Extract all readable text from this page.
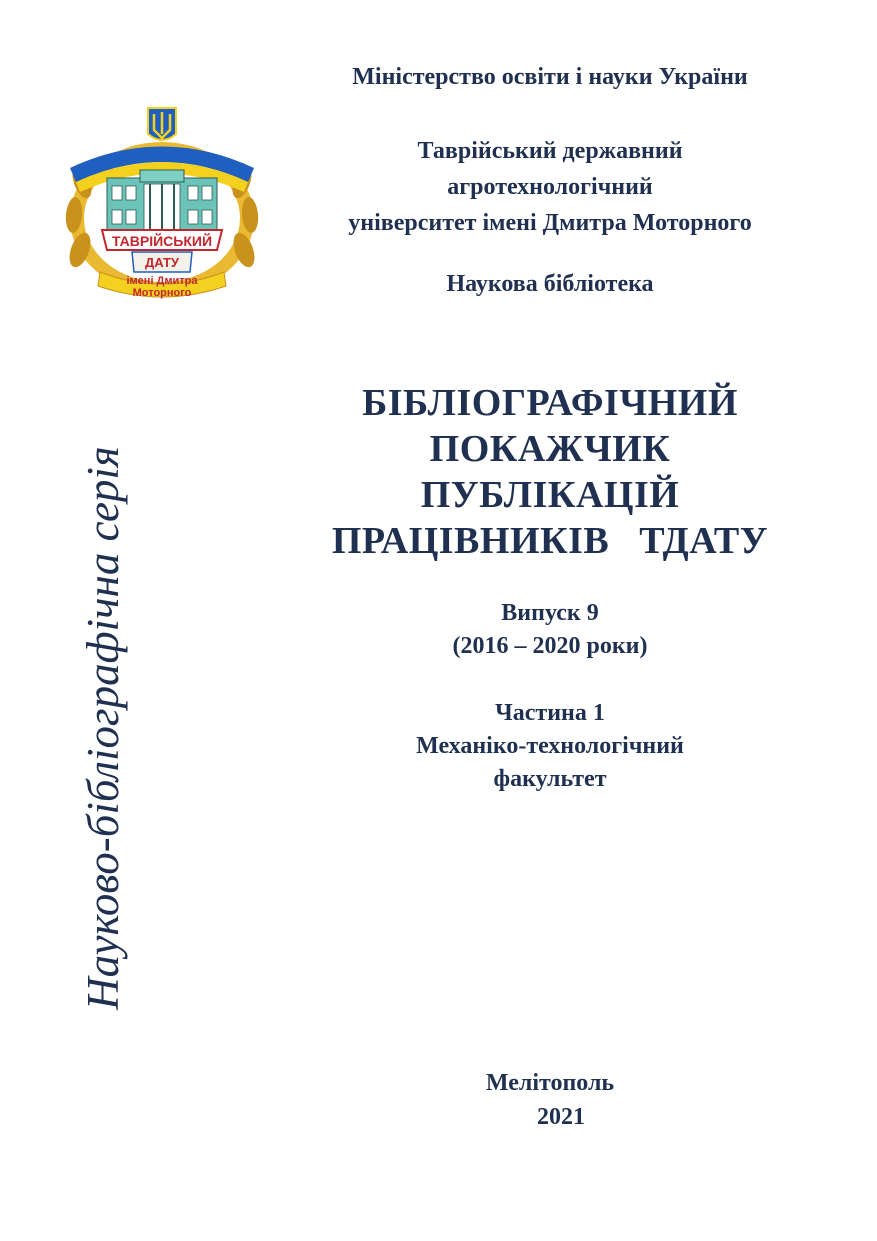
ТАВРІЙСЬКИЙ
ДАТУ
імені Дмитра
Моторного
Науково-бібліографічна серія
Міністерство освіти і науки України
Таврійський державний
агротехнологічний
університет імені Дмитра Моторного
Наукова бібліотека
БІБЛІОГРАФІЧНИЙ
ПОКАЖЧИК
ПУБЛІКАЦІЙ
ПРАЦІВНИКІВ   ТДАТУ
Випуск 9
(2016 – 2020 роки)
Частина 1
Механіко-технологічний
факультет
Мелітополь
2021
